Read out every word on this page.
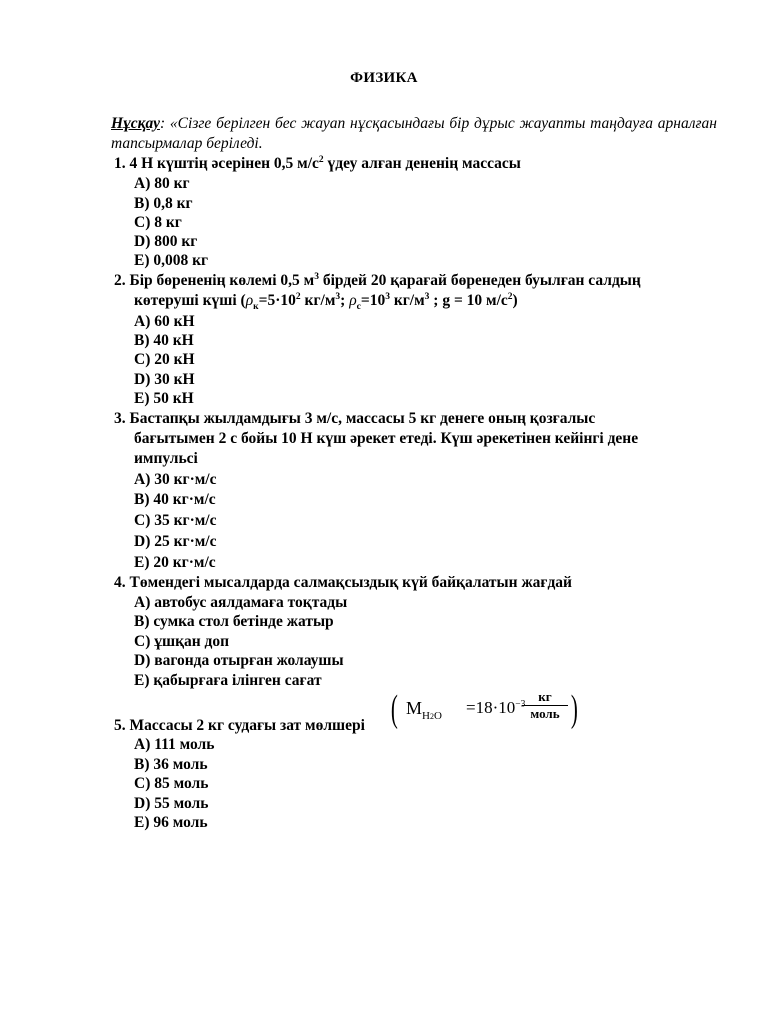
ФИЗИКА
Нұсқау: «Сізге берілген бес жауап нұсқасындағы бір дұрыс жауапты таңдауға арналған тапсырмалар беріледі.
1. 4 Н күштің әсерінен 0,5 $м/с^2$ үдеу алған дененің массасы
A) 80 кг
B) 0,8 кг
C) 8 кг
D) 800 кг
E) 0,008 кг
2. Бір бөрененің көлемі 0,5 $м^3$ бірдей 20 қарағай бөренеден буылған салдың
көтеруші күші ($\rho_к=5\cdot 10^2$ $кг/м^3$; $\rho_с=10^3$ $кг/м^3$ ; g = 10 $м/с^2$)
A) 60 кН
B) 40 кН
C) 20 кН
D) 30 кН
E) 50 кН
3. Бастапқы жылдамдығы 3 м/с, массасы 5 кг денеге оның қозғалыс
бағытымен 2 с бойы 10 Н күш әрекет етеді. Күш әрекетінен кейінгі дене
импульсі
A) 30 кг·м/с
B) 40 кг·м/с
C) 35 кг·м/с
D) 25 кг·м/с
E) 20 кг·м/с
4. Төмендегі мысалдарда салмақсыздық күй байқалатын жағдай
A) автобус аялдамаға тоқтады
B) сумка стол бетінде жатыр
C) ұшқан доп
D) вагонда отырған жолаушы
E) қабырғаға ілінген сағат
( $M_{H2O} =18\cdot 10^{-3}$
кг
моль )
5. Массасы 2 кг судағы зат мөлшері
A) 111 моль
B) 36 моль
C) 85 моль
D) 55 моль
E) 96 моль
